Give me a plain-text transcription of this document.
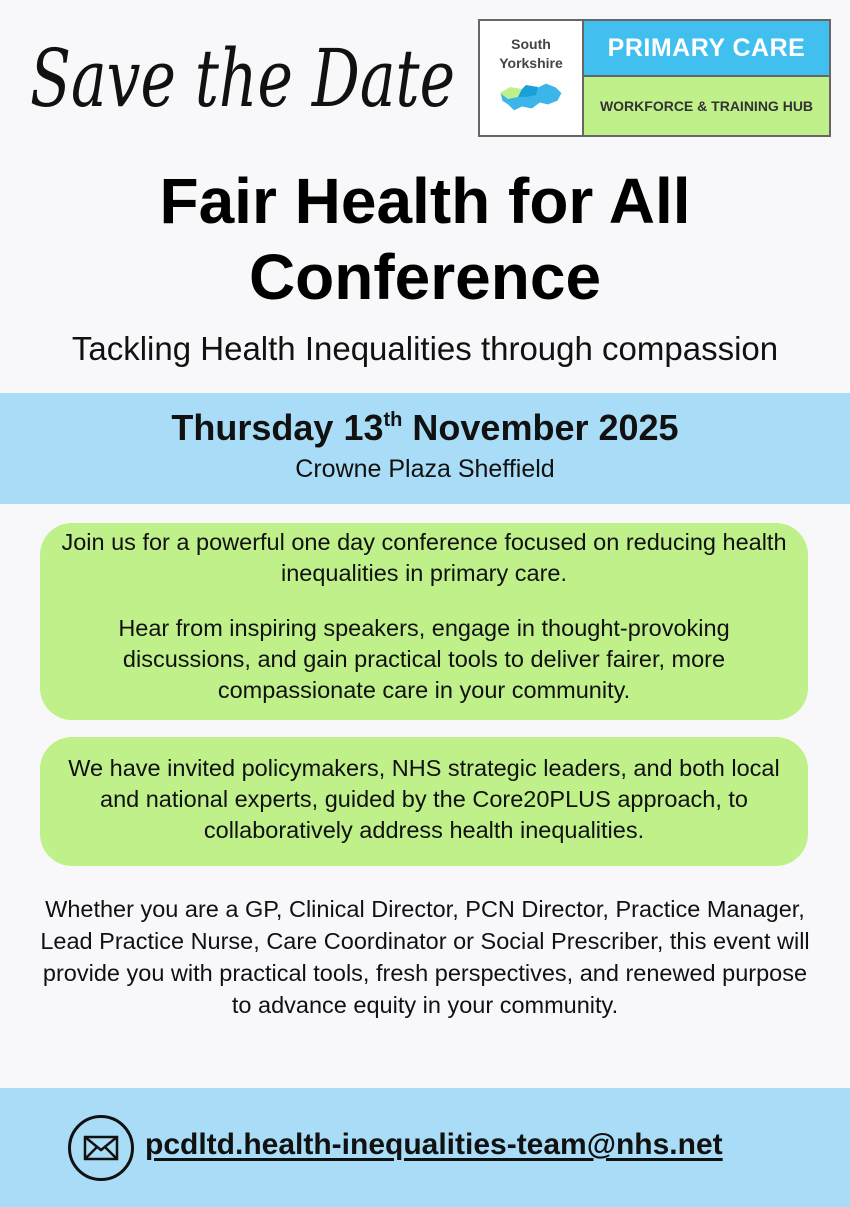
Save the Date	South
Yorkshire
PRIMARY CARE
WORKFORCE & TRAINING HUB
Fair Health for All
Conference
Tackling Health Inequalities through compassion
Thursday 13th November 2025
Crowne Plaza Sheffield

Join us for a powerful one day conference focused on reducing health inequalities in primary care.

Hear from inspiring speakers, engage in thought-provoking discussions, and gain practical tools to deliver fairer, more compassionate care in your community.

We have invited policymakers, NHS strategic leaders, and both local and national experts, guided by the Core20PLUS approach, to collaboratively address health inequalities.

Whether you are a GP, Clinical Director, PCN Director, Practice Manager, Lead Practice Nurse, Care Coordinator or Social Prescriber, this event will provide you with practical tools, fresh perspectives, and renewed purpose to advance equity in your community.
pcdltd.health-inequalities-team@nhs.net
